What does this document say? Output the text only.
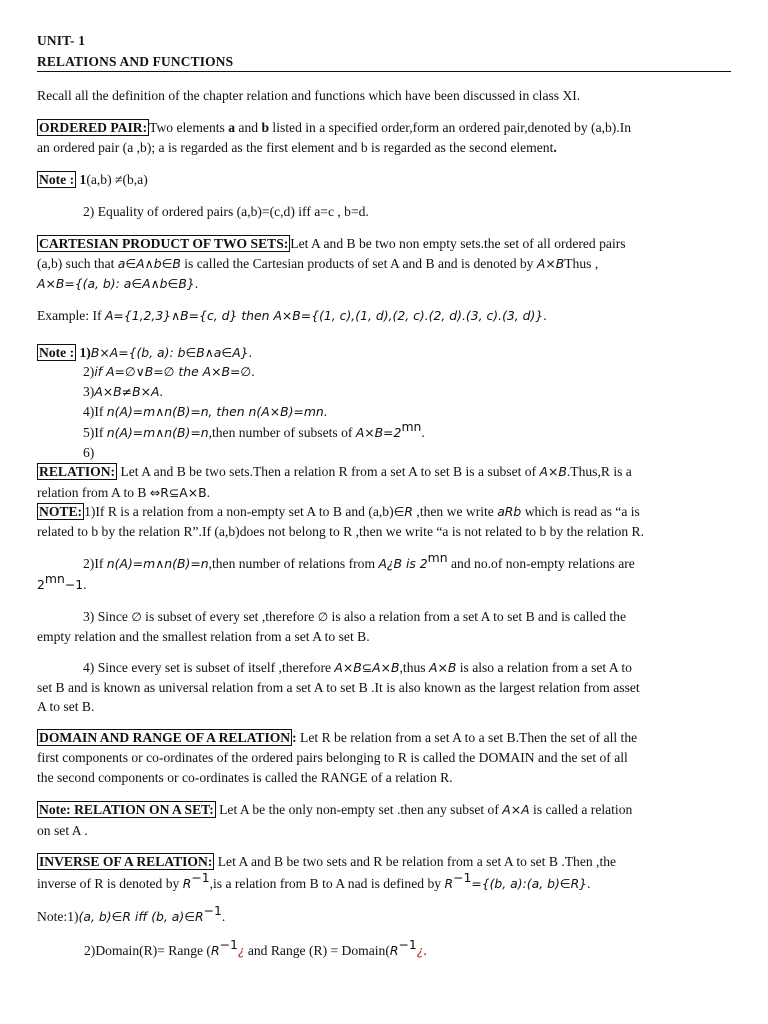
UNIT- 1
RELATIONS AND FUNCTIONS
Recall all the definition of the chapter relation and functions which have been discussed in class XI.
ORDERED PAIR: Two elements a and b listed in a specified order,form an ordered pair,denoted by (a,b).In
an ordered pair (a ,b); a is regarded as the first element and b is regarded as the second element.
Note : 1(a,b) ≠(b,a)
2) Equality of ordered pairs (a,b)=(c,d) iff a=c , b=d.
CARTESIAN PRODUCT OF TWO SETS: Let A and B be two non empty sets.the set of all ordered pairs
(a,b) such that a∈A∧b∈B is called the Cartesian products of set A and B and is denoted by A×BThus ,
A×B={(a, b): a∈A∧b∈B}.
Example: If A={1,2,3}∧B={c, d} then A×B={(1, c),(1, d),(2, c).(2, d).(3, c).(3, d)}.
Note : 1)B×A={(b, a): b∈B∧a∈A}.
2)if A=∅∨B=∅ the A×B=∅.
3)A×B≠B×A.
4)If n(A)=m∧n(B)=n, then n(A×B)=mn.
5)If n(A)=m∧n(B)=n,then number of subsets of $A\times B=2^{mn}$.
6)
RELATION: Let A and B be two sets.Then a relation R from a set A to set B is a subset of A×B.Thus,R is a
relation from A to B ⇔R⊆A×B.
NOTE: 1)If R is a relation from a non-empty set A to B and (a,b)∈R ,then we write aRb which is read as “a is
related to b by the relation R”.If (a,b)does not belong to R ,then we write “a is not related to b by the relation R.
2)If n(A)=m∧n(B)=n,then number of relations from A¿B is $2^{mn}$ and no.of non-empty relations are
$2^{mn}-1$.
3) Since ∅ is subset of every set ,therefore ∅ is also a relation from a set A to set B and is called the
empty relation and the smallest relation from a set A to set B.
4) Since every set is subset of itself ,therefore A×B⊆A×B,thus A×B is also a relation from a set A to
set B and is known as universal relation from a set A to set B .It is also known as the largest relation from asset
A to set B.
DOMAIN AND RANGE OF A RELATION : Let R be relation from a set A to a set B.Then the set of all the
first components or co-ordinates of the ordered pairs belonging to R is called the DOMAIN and the set of all
the second components or co-ordinates is called the RANGE of a relation R.
Note: RELATION ON A SET: Let A be the only non-empty set .then any subset of A×A is called a relation
on set A .
INVERSE OF A RELATION: Let A and B be two sets and R be relation from a set A to set B .Then ,the
inverse of R is denoted by $R^{-1},is$ a relation from B to A nad is defined by $R^{-1}=\{(b$, a):(a, b)∈R}.
Note:1)(a, b)∈R iff (b, $a)\in R^{-1}$.
2)Domain(R)= Range ($R^{-1}¿$ and Range $(R) = Domain(R^{-1}¿$.
